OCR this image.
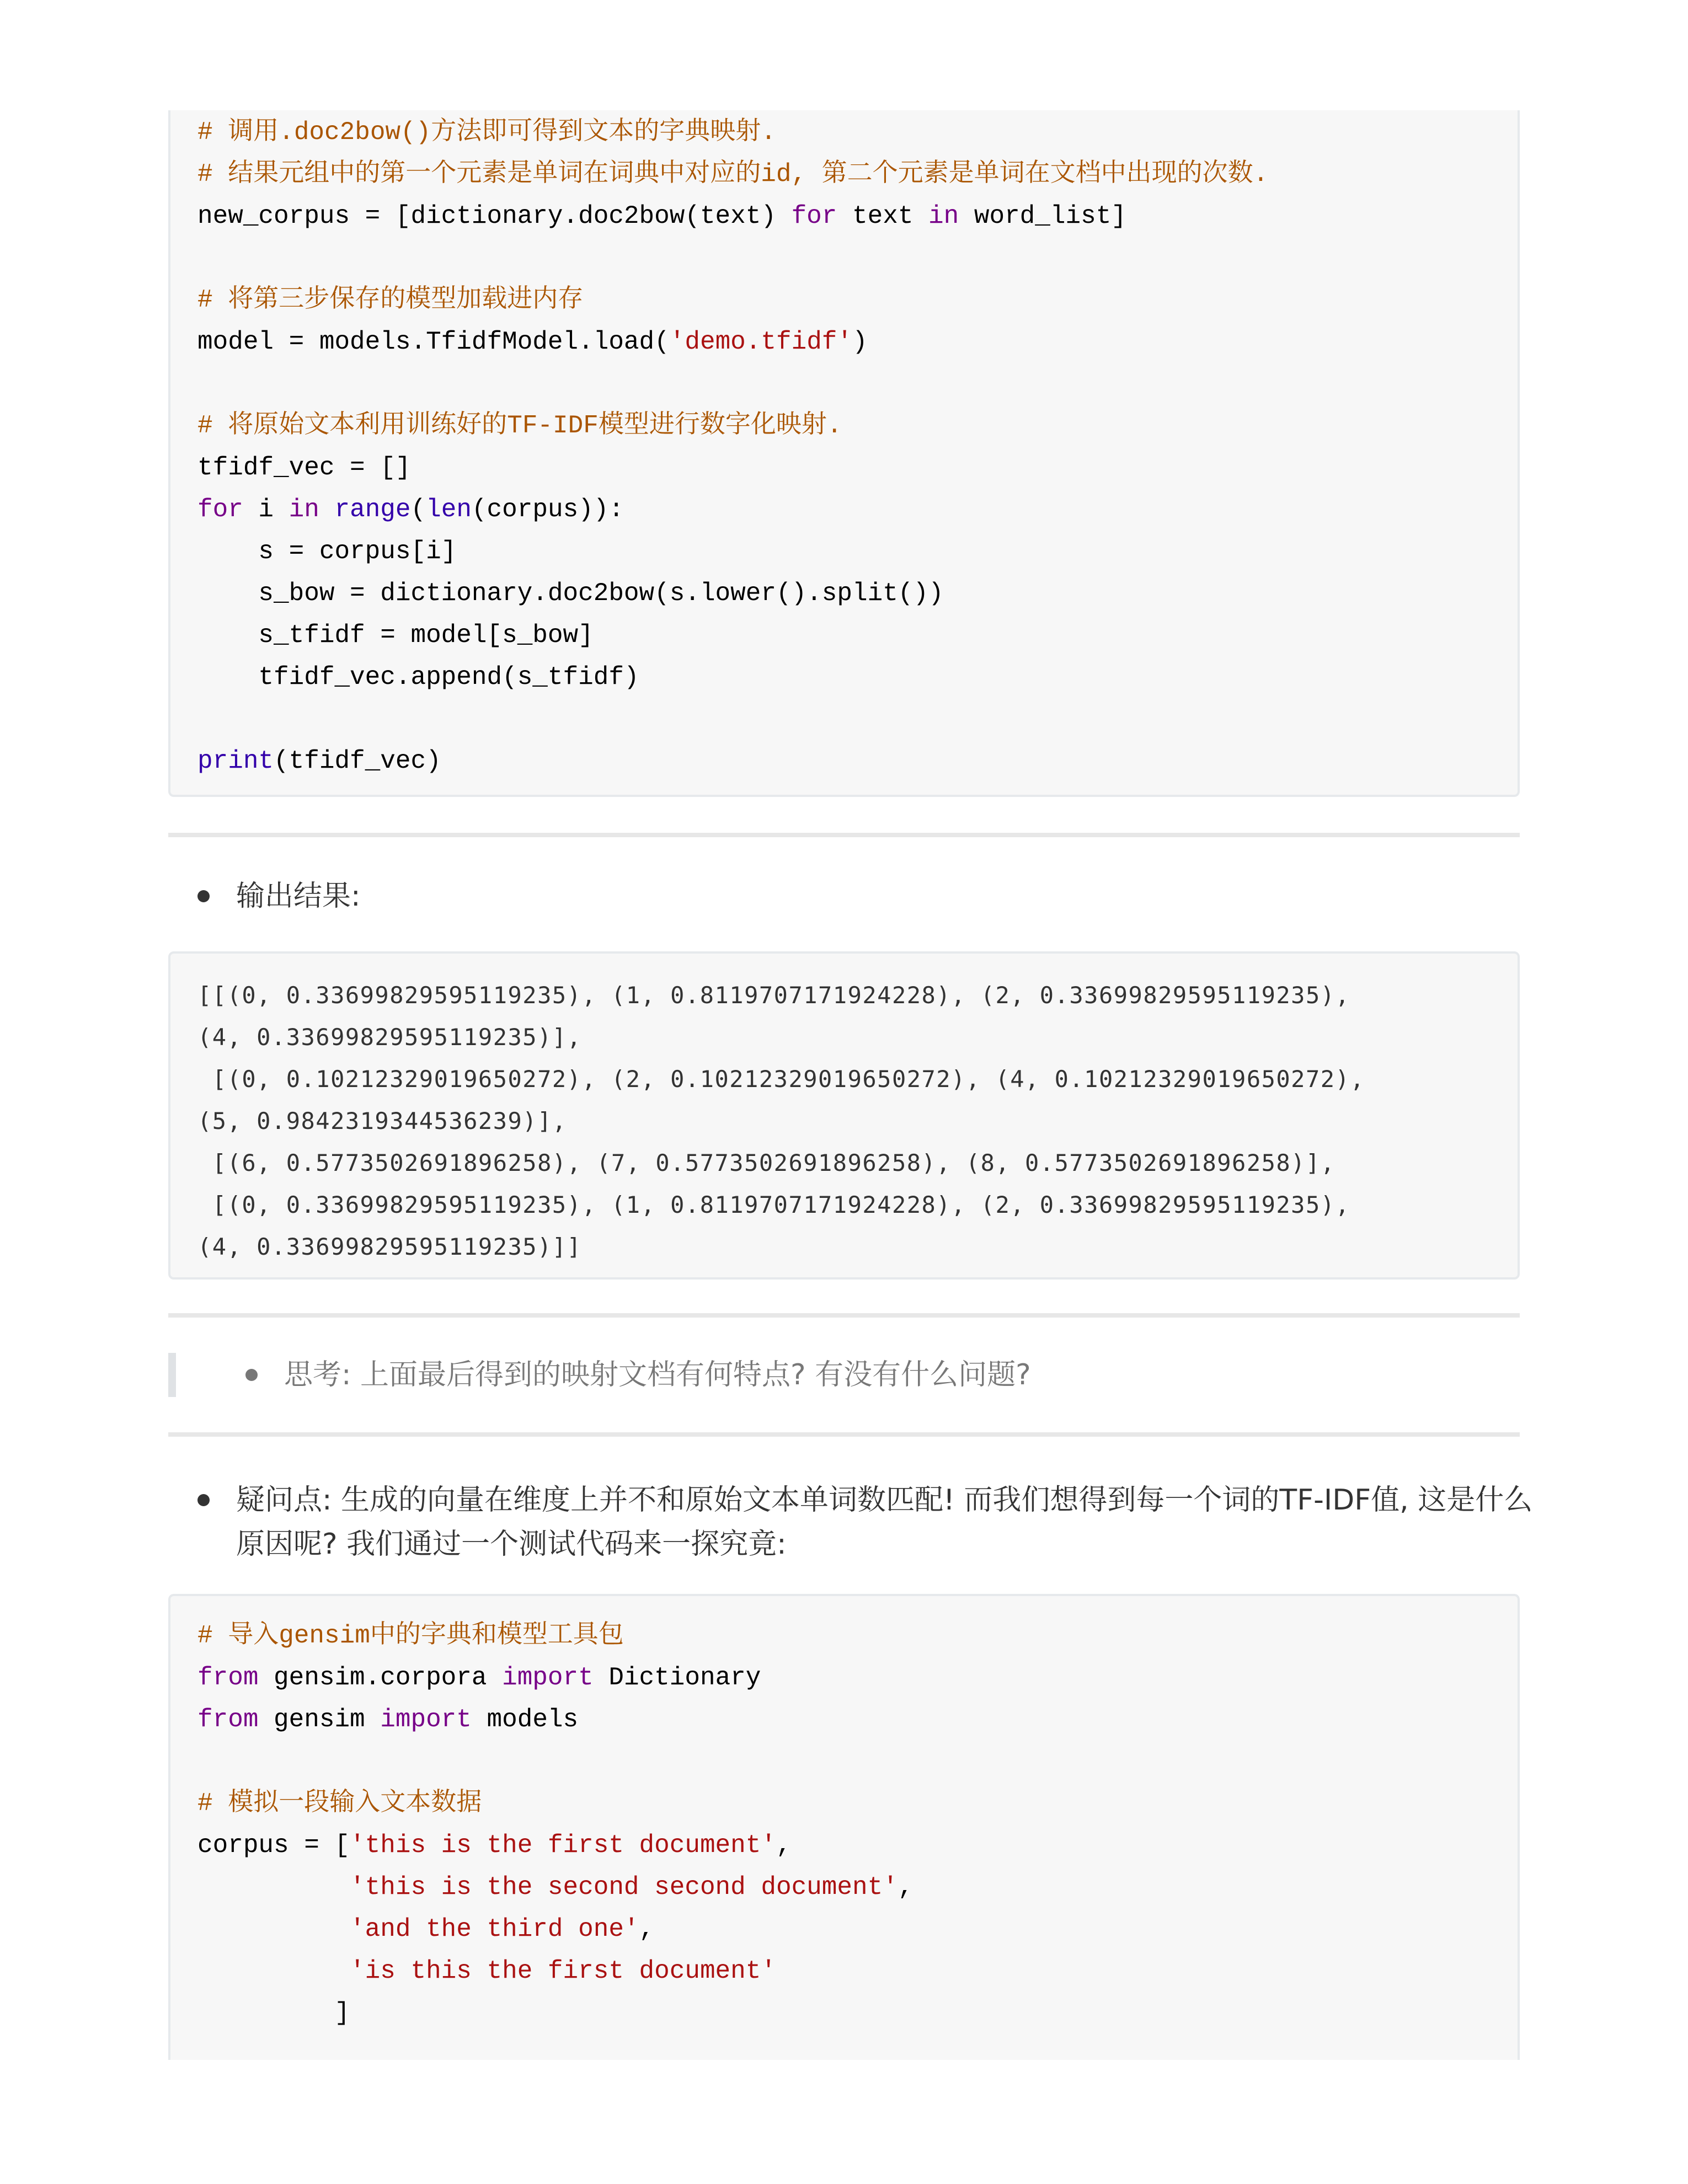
# 调用.doc2bow()方法即可得到文本的字典映射.
# 结果元组中的第一个元素是单词在词典中对应的id, 第二个元素是单词在文档中出现的次数.
new_corpus = [dictionary.doc2bow(text) for text in word_list]

# 将第三步保存的模型加载进内存
model = models.TfidfModel.load('demo.tfidf')

# 将原始文本利用训练好的TF-IDF模型进行数字化映射.
tfidf_vec = []
for i in range(len(corpus)):
s = corpus[i]
s_bow = dictionary.doc2bow(s.lower().split())
s_tfidf = model[s_bow]
tfidf_vec.append(s_tfidf)

print(tfidf_vec)
输出结果:
[[(0, 0.33699829595119235), (1, 0.8119707171924228), (2, 0.33699829595119235),
(4, 0.33699829595119235)],
[(0, 0.10212329019650272), (2, 0.10212329019650272), (4, 0.10212329019650272),
(5, 0.9842319344536239)],
[(6, 0.5773502691896258), (7, 0.5773502691896258), (8, 0.5773502691896258)],
[(0, 0.33699829595119235), (1, 0.8119707171924228), (2, 0.33699829595119235),
(4, 0.33699829595119235)]]
思考: 上面最后得到的映射文档有何特点? 有没有什么问题?
疑问点: 生成的向量在维度上并不和原始文本单词数匹配! 而我们想得到每一个词的TF-IDF值, 这是什么
原因呢? 我们通过一个测试代码来一探究竟:
# 导入gensim中的字典和模型工具包
from gensim.corpora import Dictionary
from gensim import models

# 模拟一段输入文本数据
corpus = ['this is the first document',
'this is the second second document',
'and the third one',
'is this the first document'
]
